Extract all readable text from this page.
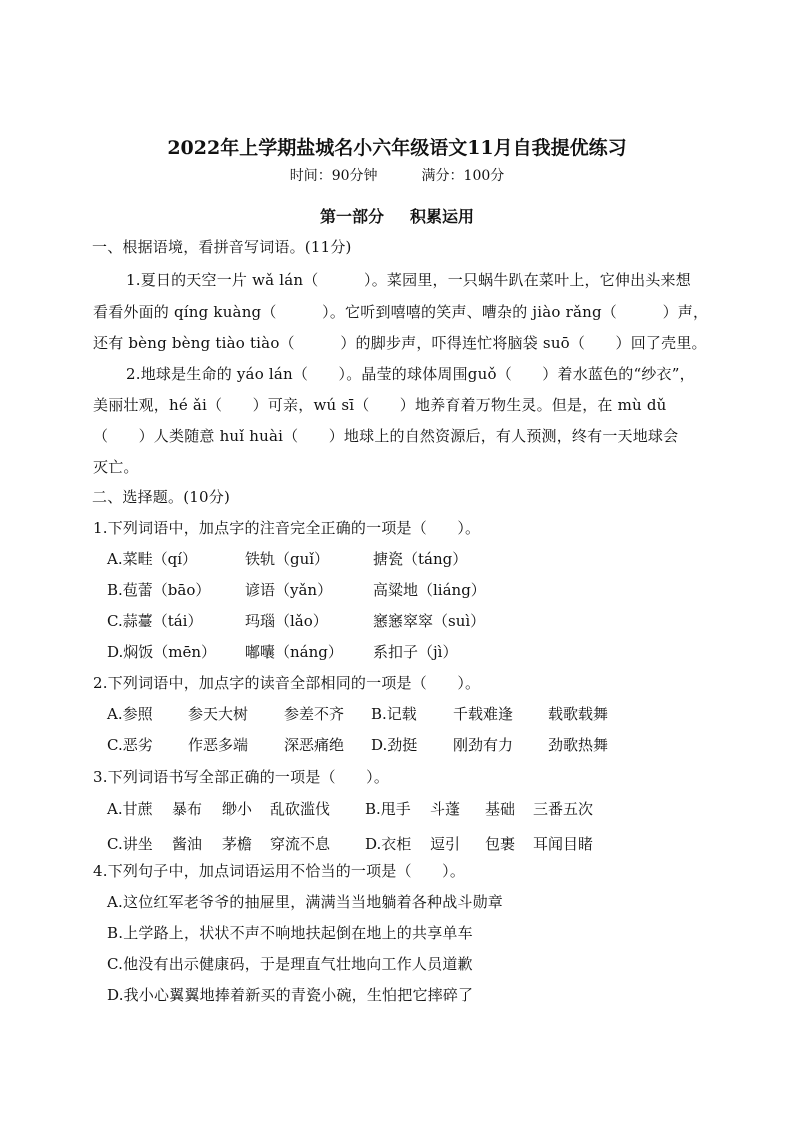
2022年上学期盐城名小六年级语文11月自我提优练习
时间：90分钟	满分：100分
第一部分 积累运用
一、根据语境，看拼音写词语。(11分)
1.夏日的天空一片 wǎ lán（　　　）。菜园里，一只蜗牛趴在菜叶上，它伸出头来想
看看外面的 qíng kuàng（　　　）。它听到嘻嘻的笑声、嘈杂的 jiào rǎng（　　　）声，
还有 bèng bèng tiào tiào（　　　）的脚步声，吓得连忙将脑袋 suō（　　）回了壳里。
2.地球是生命的 yáo lán（　　）。晶莹的球体周围guǒ（　　）着水蓝色的“纱衣”，
美丽壮观，hé ǎi（　　）可亲，wú sī（　　）地养育着万物生灵。但是，在 mù dǔ
（　　）人类随意 huǐ huài（　　）地球上的自然资源后，有人预测，终有一天地球会
灭亡。
二、选择题。(10分)
1.下列词语中，加点字的注音完全正确的一项是（　　）。
A.菜畦（qí）	铁轨（guǐ）	搪瓷（táng）
B.苞蕾（bāo） 谚语（yǎn）	高粱地（liáng）
C.蒜薹（tái）	玛瑙（lǎo）	窸窸窣窣（suì）
D.焖饭（mēn） 嘟囔（náng） 系扣子（jì）
2.下列词语中，加点字的读音全部相同的一项是（　　）。
A.参照 参天大树 参差不齐 B.记载 千载难逢 载歌载舞
C.恶劣 作恶多端 深恶痛绝 D.劲挺 刚劲有力 劲歌热舞
3.下列词语书写全部正确的一项是（　　）。
A.甘蔗 暴布 缈小 乱砍滥伐 B.甩手 斗蓬 基础 三番五次
C.讲坐 酱油 茅檐 穿流不息 D.衣柜 逗引 包裹 耳闻目睹
4.下列句子中，加点词语运用不恰当的一项是（　　）。
A.这位红军老爷爷的抽屉里，满满当当地躺着各种战斗勋章
B.上学路上，状状不声不响地扶起倒在地上的共享单车
C.他没有出示健康码，于是理直气壮地向工作人员道歉
D.我小心翼翼地捧着新买的青瓷小碗，生怕把它摔碎了
